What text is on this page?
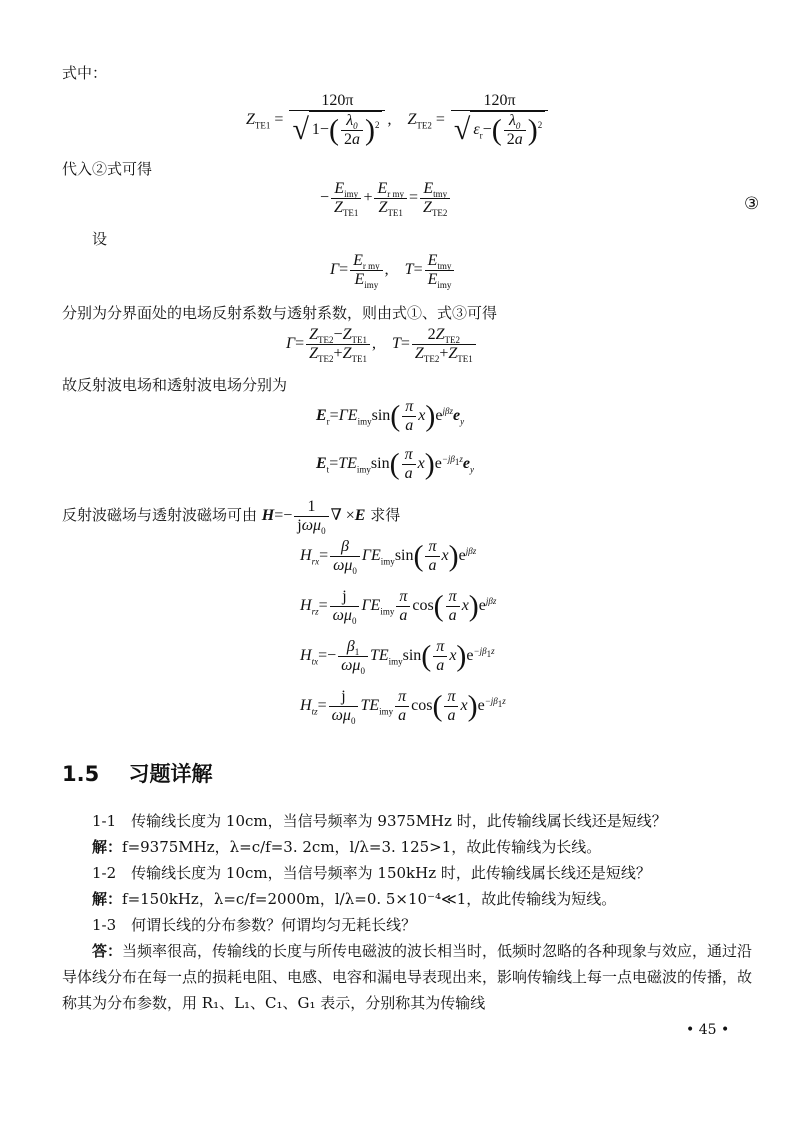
式中：
$Z_{TE1} = \frac{120\pi}{√ 1-( \frac{\lambda_0}{2a} )^2}$ ,    $Z_{TE2} = \frac{120\pi}{√ \varepsilon_r-( \frac{\lambda_0}{2a} )^2}$
代入②式可得
− $\frac{E_{imy}}{Z_{TE1}} + \frac{E_{r my}}{Z_{TE1}} = \frac{E_{tmy}}{Z_{TE2}}$	③
设
$\Gamma= \frac{E_{r my}}{E_{imy}}$ ,    $T= \frac{E_{tmy}}{E_{imy}}$
分别为分界面处的电场反射系数与透射系数，则由式①、式③可得
$\Gamma= \frac{Z_{TE2}-Z_{TE1}}{Z_{TE2}+Z_{TE1}}$ ,    $T= \frac{2Z_{TE2}}{Z_{TE2}+Z_{TE1}}$
故反射波电场和透射波电场分别为
$E_r=\Gamma E_{imy}\sin( \frac{\pi}{a} x)e^{j\beta z}e_y$
$E_t=TE_{imy}\sin( \frac{\pi}{a} x)e^{-j\beta_1z}e_y$
反射波磁场与透射波磁场可由 $H=- \frac{1}{j\omega\mu_0}$ ∇ ×E 求得
$H_{rx}= \frac{\beta}{\omega\mu_0} \Gamma E_{imy}\sin( \frac{\pi}{a} x)e^{j\beta z}$
$H_{rz}= \frac{j}{\omega\mu_0} \Gamma E_{imy} \frac{\pi}{a} \cos( \frac{\pi}{a} x)e^{j\beta z}$
$H_{tx}=- \frac{\beta_1}{\omega\mu_0} TE_{imy}\sin( \frac{\pi}{a} x)e^{-j\beta_1z}$
$H_{tz}= \frac{j}{\omega\mu_0} TE_{imy} \frac{\pi}{a} \cos( \frac{\pi}{a} x)e^{-j\beta_1z}$
1.5 习题详解
1-1　传输线长度为 10cm，当信号频率为 9375MHz 时，此传输线属长线还是短线？
解：f=9375MHz，λ=c/f=3. 2cm，l/λ=3. 125>1，故此传输线为长线。
1-2　传输线长度为 10cm，当信号频率为 150kHz 时，此传输线属长线还是短线？
解：f=150kHz，λ=c/f=2000m，l/λ=0. 5×10⁻⁴≪1，故此传输线为短线。
1-3　何谓长线的分布参数？何谓均匀无耗长线？
答：当频率很高，传输线的长度与所传电磁波的波长相当时，低频时忽略的各种现象与效应，通过沿导体线分布在每一点的损耗电阻、电感、电容和漏电导表现出来，影响传输线上每一点电磁波的传播，故称其为分布参数，用 R₁、L₁、C₁、G₁ 表示，分别称其为传输线
• 45 •
